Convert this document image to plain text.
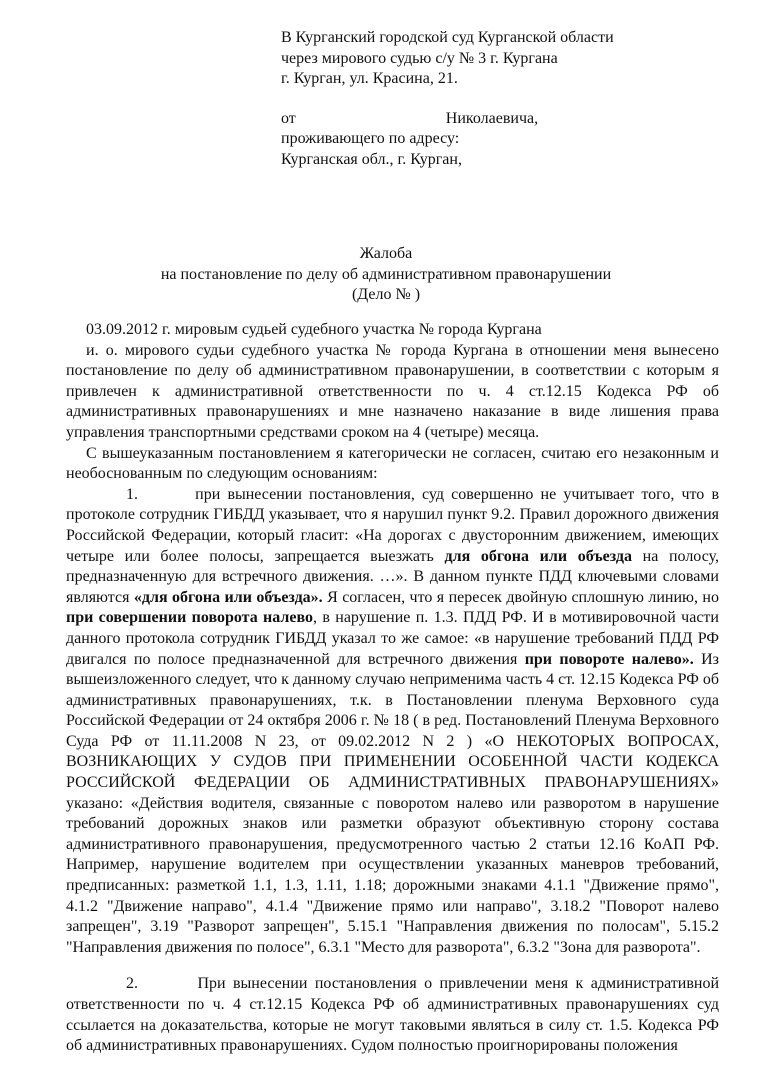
В Курганский городской суд Курганской области
через мирового судью с/у № 3 г. Кургана
г. Курган, ул. Красина, 21.
от	Николаевича,
проживающего по адресу:
Курганская обл., г. Курган,
Жалоба
на постановление по делу об административном правонарушении
(Дело № )

03.09.2012 г. мировым судьей судебного участка № города Кургана

и. о. мирового судьи судебного участка № города Кургана в отношении меня вынесено постановление по делу об административном правонарушении, в соответствии с которым я привлечен к административной ответственности по ч. 4 ст.12.15 Кодекса РФ об административных правонарушениях и мне назначено наказание в виде лишения права управления транспортными средствами сроком на 4 (четыре) месяца.

С вышеуказанным постановлением я категорически не согласен, считаю его незаконным и необоснованным по следующим основаниям:

1.	при вынесении постановления, суд совершенно не учитывает того, что в протоколе сотрудник ГИБДД указывает, что я нарушил пункт 9.2. Правил дорожного движения Российской Федерации, который гласит: «На дорогах с двусторонним движением, имеющих четыре или более полосы, запрещается выезжать для обгона или объезда на полосу, предназначенную для встречного движения. …». В данном пункте ПДД ключевыми словами являются «для обгона или объезда». Я согласен, что я пересек двойную сплошную линию, но при совершении поворота налево, в нарушение п. 1.3. ПДД РФ. И в мотивировочной части данного протокола сотрудник ГИБДД указал то же самое: «в нарушение требований ПДД РФ двигался по полосе предназначенной для встречного движения при повороте налево». Из вышеизложенного следует, что к данному случаю неприменима часть 4 ст. 12.15 Кодекса РФ об административных правонарушениях, т.к. в Постановлении пленума Верховного суда Российской Федерации от 24 октября 2006 г. № 18 ( в ред. Постановлений Пленума Верховного Суда РФ от 11.11.2008 N 23, от 09.02.2012 N 2 ) «О НЕКОТОРЫХ ВОПРОСАХ, ВОЗНИКАЮЩИХ У СУДОВ ПРИ ПРИМЕНЕНИИ ОСОБЕННОЙ ЧАСТИ КОДЕКСА РОССИЙСКОЙ ФЕДЕРАЦИИ ОБ АДМИНИСТРАТИВНЫХ ПРАВОНАРУШЕНИЯХ» указано: «Действия водителя, связанные с поворотом налево или разворотом в нарушение требований дорожных знаков или разметки образуют объективную сторону состава административного правонарушения, предусмотренного частью 2 статьи 12.16 КоАП РФ. Например, нарушение водителем при осуществлении указанных маневров требований, предписанных: разметкой 1.1, 1.3, 1.11, 1.18; дорожными знаками 4.1.1 "Движение прямо", 4.1.2 "Движение направо", 4.1.4 "Движение прямо или направо", 3.18.2 "Поворот налево запрещен", 3.19 "Разворот запрещен", 5.15.1 "Направления движения по полосам", 5.15.2 "Направления движения по полосе", 6.3.1 "Место для разворота", 6.3.2 "Зона для разворота".

2.	При вынесении постановления о привлечении меня к административной ответственности по ч. 4 ст.12.15 Кодекса РФ об административных правонарушениях суд ссылается на доказательства, которые не могут таковыми являться в силу ст. 1.5. Кодекса РФ об административных правонарушениях. Судом полностью проигнорированы положения
